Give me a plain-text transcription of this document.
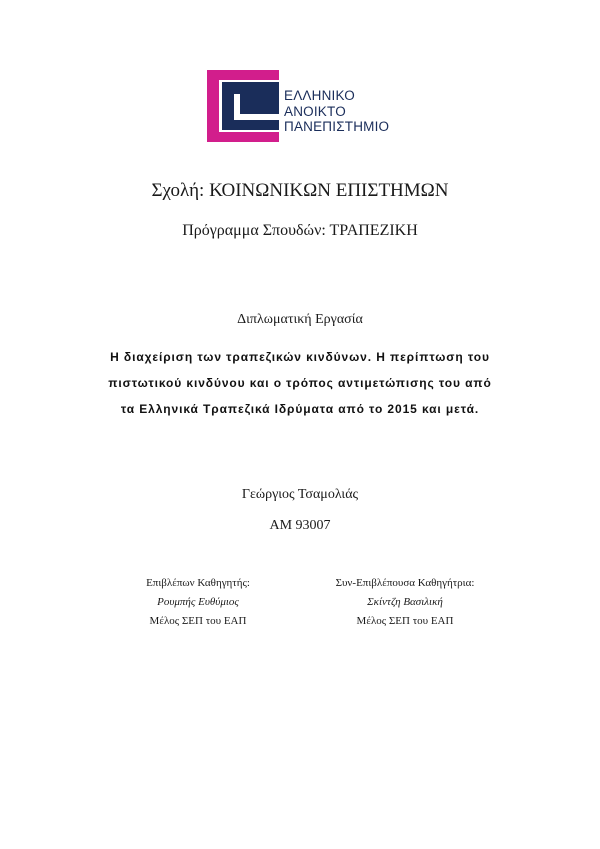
ΕΛΛΗΝΙΚΟ
ΑΝΟΙΚΤΟ
ΠΑΝΕΠΙΣΤΗΜΙΟ
Σχολή: ΚΟΙΝΩΝΙΚΩΝ ΕΠΙΣΤΗΜΩΝ
Πρόγραμμα Σπουδών: ΤΡΑΠΕΖΙΚΗ
Διπλωματική Εργασία
Η διαχείριση των τραπεζικών κινδύνων. Η περίπτωση του
πιστωτικού κινδύνου και ο τρόπος αντιμετώπισης του από
τα Ελληνικά Τραπεζικά Ιδρύματα από το 2015 και μετά.
Γεώργιος Τσαμολιάς
ΑΜ 93007
Επιβλέπων Καθηγητής:
Ρουμπής Ευθύμιος
Μέλος ΣΕΠ του ΕΑΠ
Συν-Επιβλέπουσα Καθηγήτρια:
Σκίντζη Βασιλική
Μέλος ΣΕΠ του ΕΑΠ
